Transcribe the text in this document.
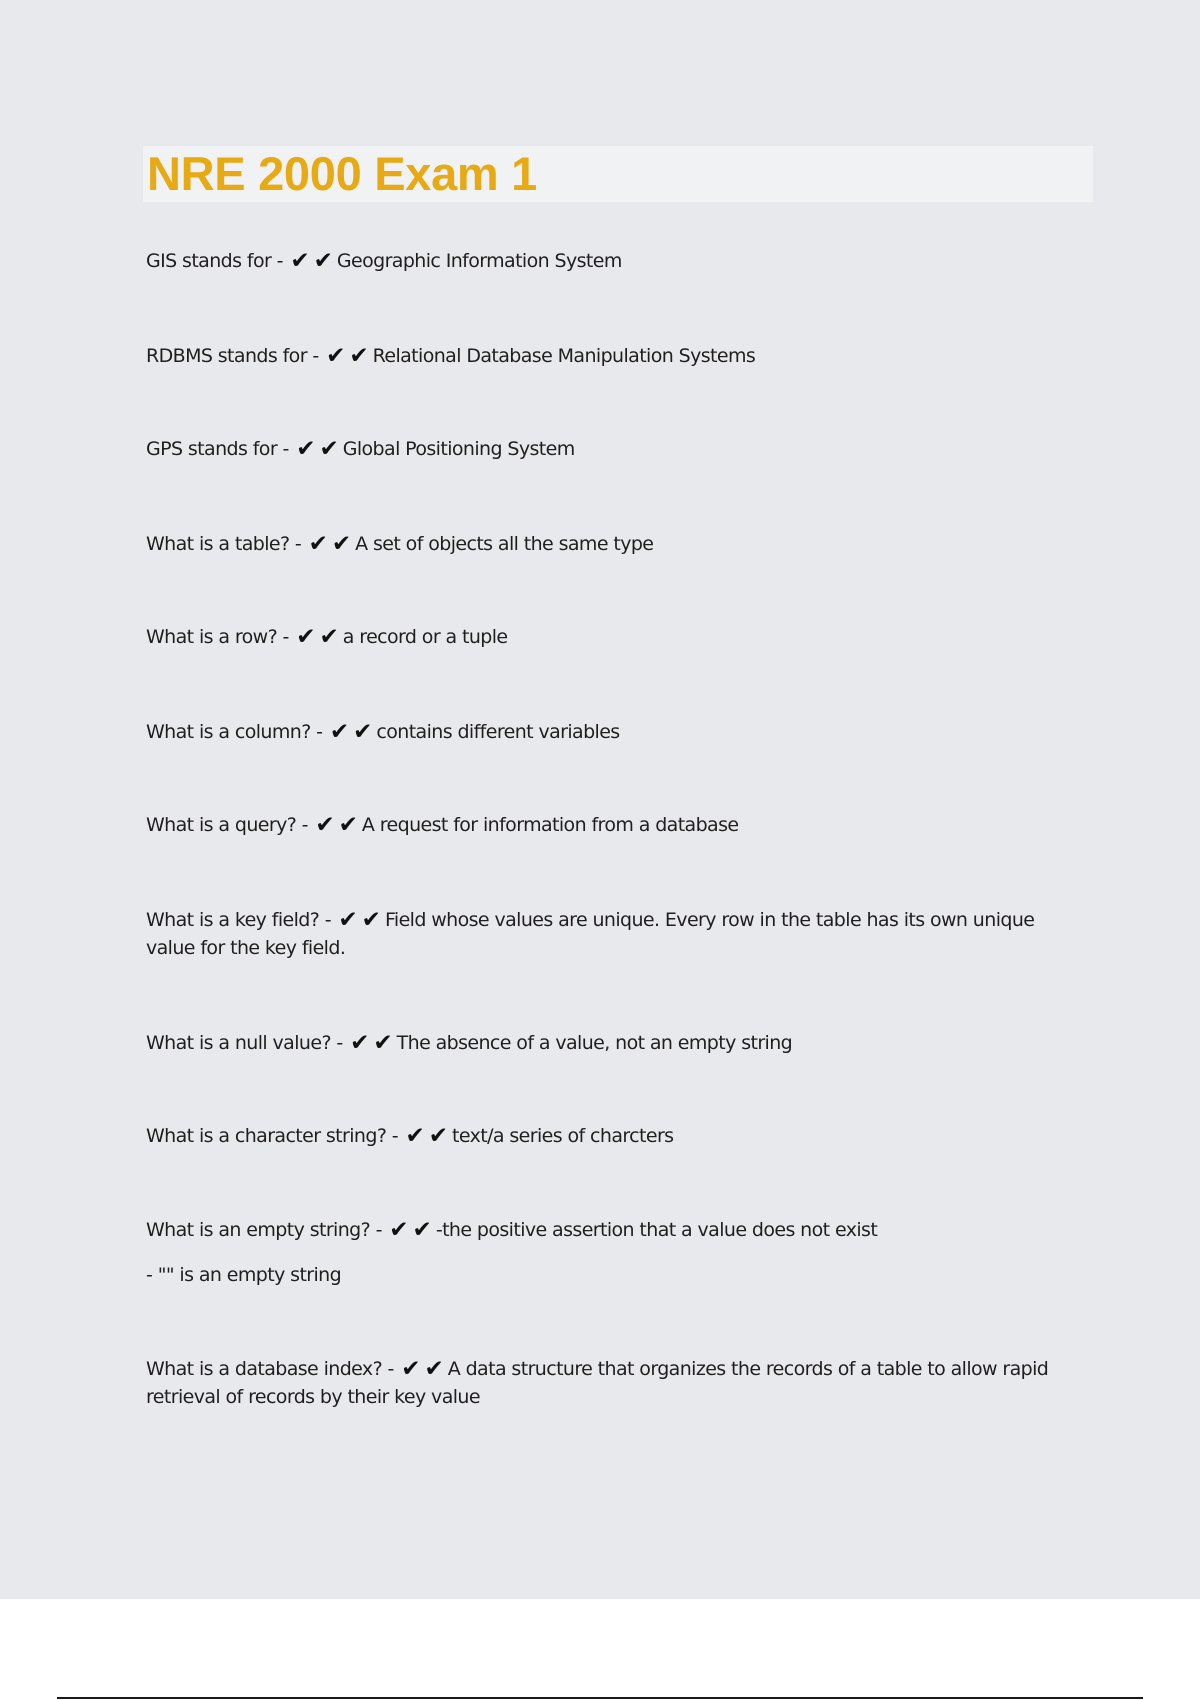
NRE 2000 Exam 1
GIS stands for - ✔✔Geographic Information System
RDBMS stands for - ✔✔Relational Database Manipulation Systems
GPS stands for - ✔✔Global Positioning System
What is a table? - ✔✔A set of objects all the same type
What is a row? - ✔✔a record or a tuple
What is a column? - ✔✔contains different variables
What is a query? - ✔✔A request for information from a database
What is a key field? - ✔✔Field whose values are unique. Every row in the table has its own unique value for the key field.
What is a null value? - ✔✔The absence of a value, not an empty string
What is a character string? - ✔✔text/a series of charcters
What is an empty string? - ✔✔-the positive assertion that a value does not exist
- "" is an empty string
What is a database index? - ✔✔A data structure that organizes the records of a table to allow rapid retrieval of records by their key value
